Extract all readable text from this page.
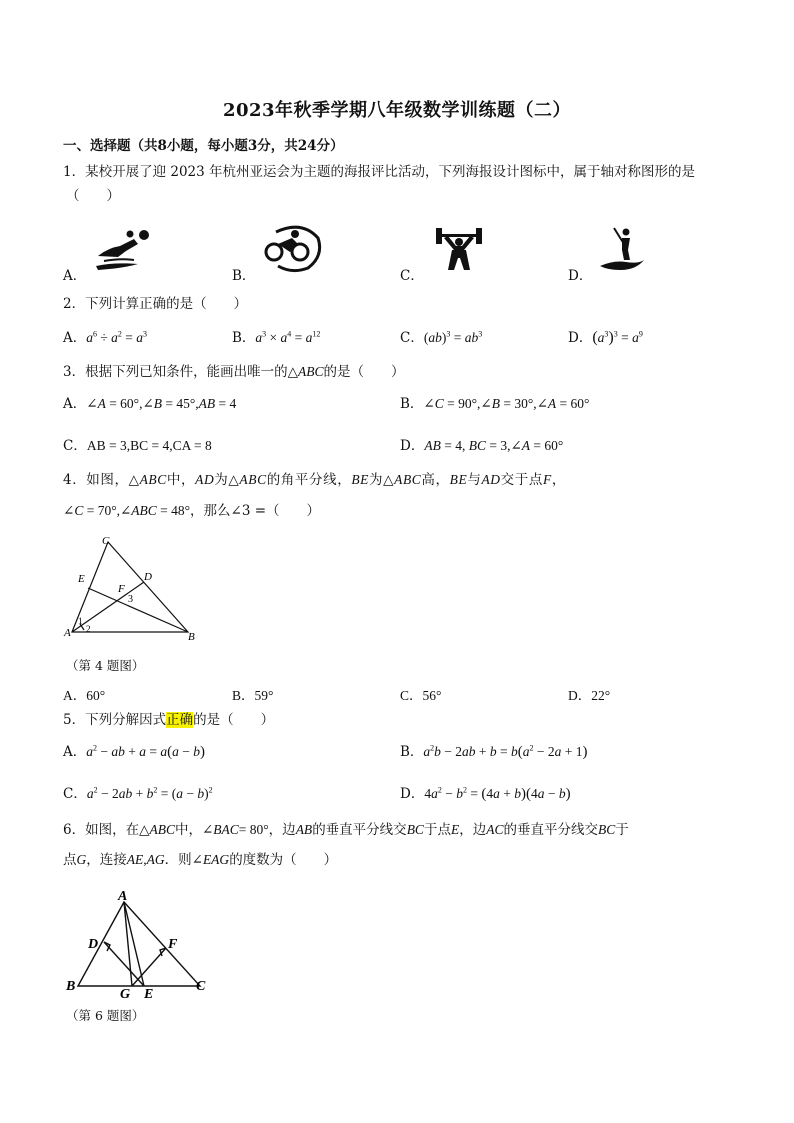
2023年秋季学期八年级数学训练题（二）
一、选择题（共8小题，每小题3分，共24分）
1．某校开展了迎 2023 年杭州亚运会为主题的海报评比活动，下列海报设计图标中，属于轴对称图形的是
（　　）
A．	B．	C．	D．
2．下列计算正确的是（　　）
A．$a^6 \div a^2 = a^3$	B．$a^3 \times a^4 = a^{12}$	C．$(ab)^3 = ab^3$	D．$(a^3)^3 = a^9$
3．根据下列已知条件，能画出唯一的△ABC的是（　　）
A．∠A = 60°,∠B = 45°,AB = 4	B．∠C = 90°,∠B = 30°,∠A = 60°
C．AB = 3,BC = 4,CA = 8	D．AB = 4, BC = 3,∠A = 60°
4．如图，△ABC中，AD为△ABC的角平分线，BE为△ABC高，BE与AD交于点F，
∠C = 70°,∠ABC = 48°，那么∠3 =（　　）
C
E	D
F
3
1
2
A	B
（第 4 题图）
A．60°	B．59°	C．56°	D．22°
5．下列分解因式正确的是（　　）
A．$a^2$ − ab + a = a(a − b)	B．$a^2b - 2ab + b = b(a^2 - 2a + 1)$
C．$a^2 - 2ab + b^2 = (a - b)^2$	D．$4a^2 - b^2 = (4a + b)(4a - b)$
6．如图，在△ABC中，∠BAC= 80°，边AB的垂直平分线交BC于点E，边AC的垂直平分线交BC于
点G，连接AE,AG．则∠EAG的度数为（　　）
A
D	F
B
G E
C
（第 6 题图）
